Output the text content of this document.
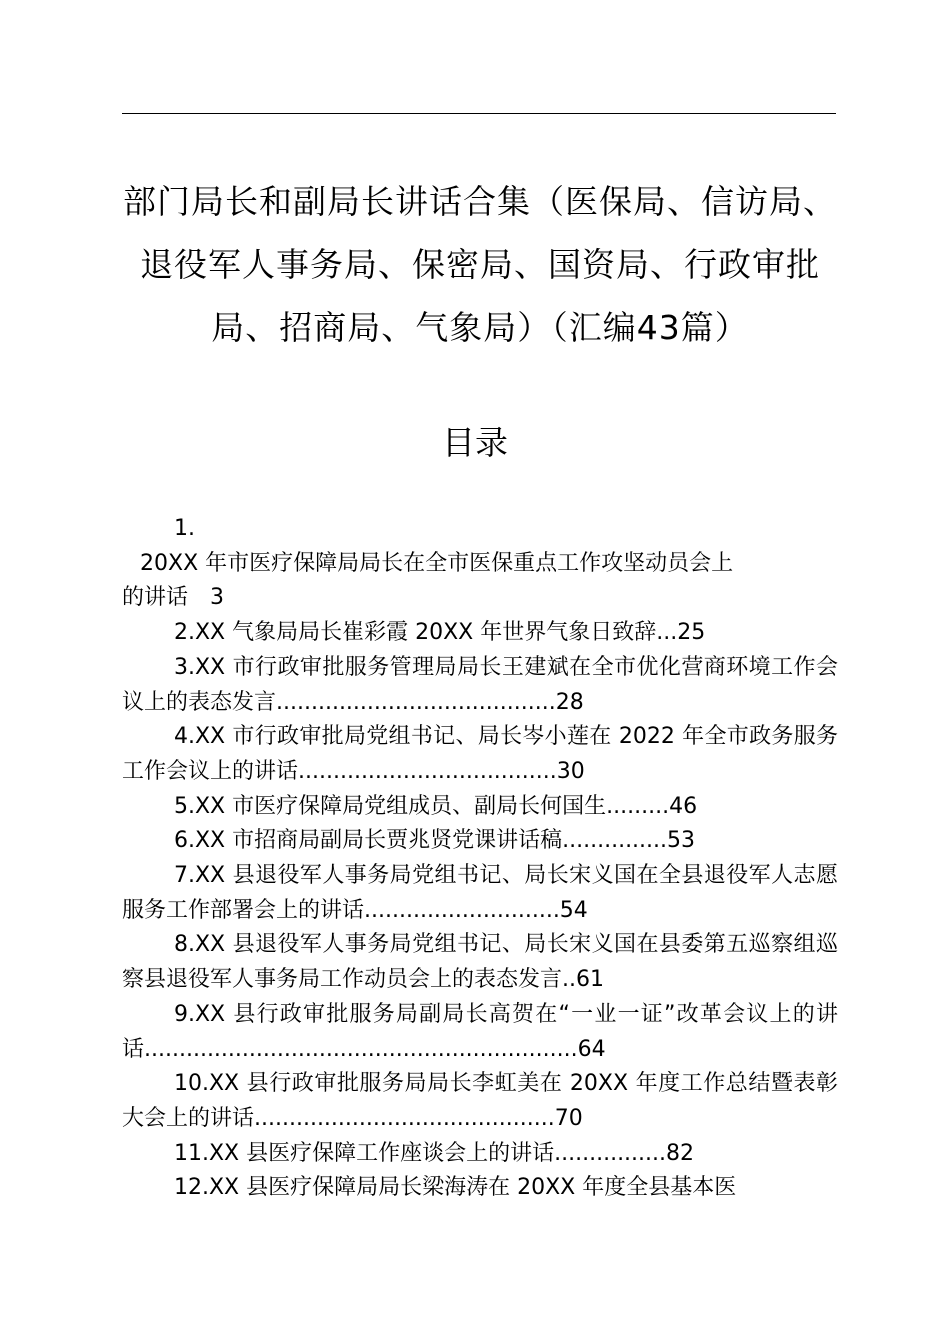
部门局长和副局长讲话合集（医保局、信访局、
退役军人事务局、保密局、国资局、行政审批
局、招商局、气象局）（汇编43篇）
目录
1.
20XX 年市医疗保障局局长在全市医保重点工作攻坚动员会上
的讲话　3
2.XX 气象局局长崔彩霞 20XX 年世界气象日致辞...25
3.XX 市行政审批服务管理局局长王建斌在全市优化营商环境工作会议上的表态发言........................................28
4.XX 市行政审批局党组书记、局长岑小莲在 2022 年全市政务服务工作会议上的讲话.....................................30
5.XX 市医疗保障局党组成员、副局长何国生.........46
6.XX 市招商局副局长贾兆贤党课讲话稿...............53
7.XX 县退役军人事务局党组书记、局长宋义国在全县退役军人志愿服务工作部署会上的讲话............................54
8.XX 县退役军人事务局党组书记、局长宋义国在县委第五巡察组巡察县退役军人事务局工作动员会上的表态发言..61
9.XX 县行政审批服务局副局长高贺在“一业一证”改革会议上的讲话..............................................................64
10.XX 县行政审批服务局局长李虹美在 20XX 年度工作总结暨表彰大会上的讲话...........................................70
11.XX 县医疗保障工作座谈会上的讲话................82
12.XX 县医疗保障局局长梁海涛在 20XX 年度全县基本医
